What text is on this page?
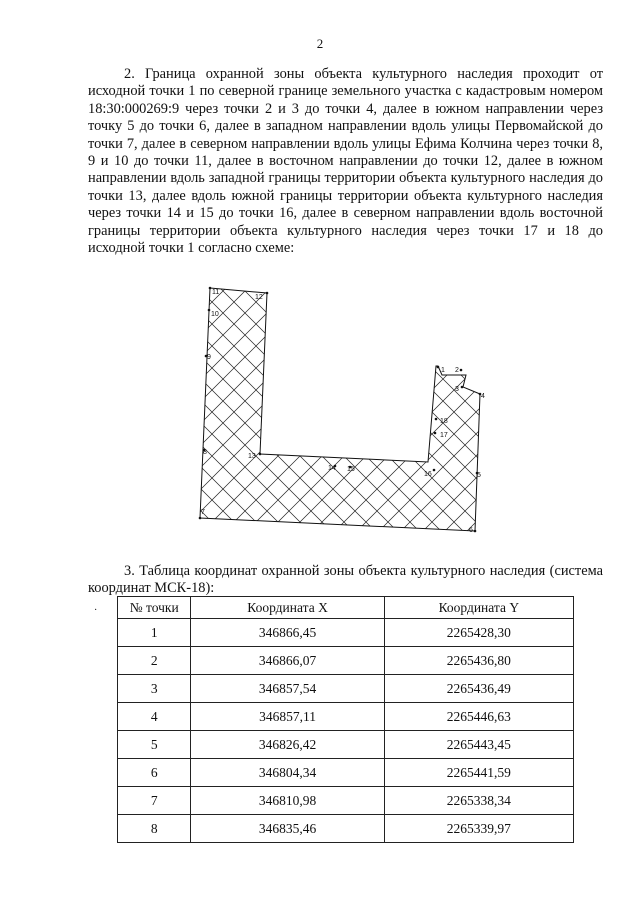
2

2. Граница охранной зоны объекта культурного наследия проходит от исходной точки 1 по северной границе земельного участка с кадастровым номером 18:30:000269:9 через точки 2 и 3 до точки 4, далее в южном направлении через точку 5 до точки 6, далее в западном направлении вдоль улицы Первомайской до точки 7, далее в северном направлении вдоль улицы Ефима Колчина через точки 8, 9 и 10 до точки 11, далее в восточном направлении до точки 12, далее в южном направлении вдоль западной границы территории объекта культурного наследия до точки 13, далее вдоль южной границы территории объекта культурного наследия через точки 14 и 15 до точки 16, далее в северном направлении вдоль восточной границы территории объекта культурного наследия через точки 17 и 18 до исходной точки 1 согласно схеме:

1 2
3
4
5
6
7
8
9
10
11
12
13
14 15
16
17
18

3. Таблица координат охранной зоны объекта культурного наследия (система координат МСК-18):

· № точки	Координата X	Координата Y
1	346866,45	2265428,30
2	346866,07	2265436,80
3	346857,54	2265436,49
4	346857,11	2265446,63
5	346826,42	2265443,45
6	346804,34	2265441,59
7	346810,98	2265338,34
8	346835,46	2265339,97
